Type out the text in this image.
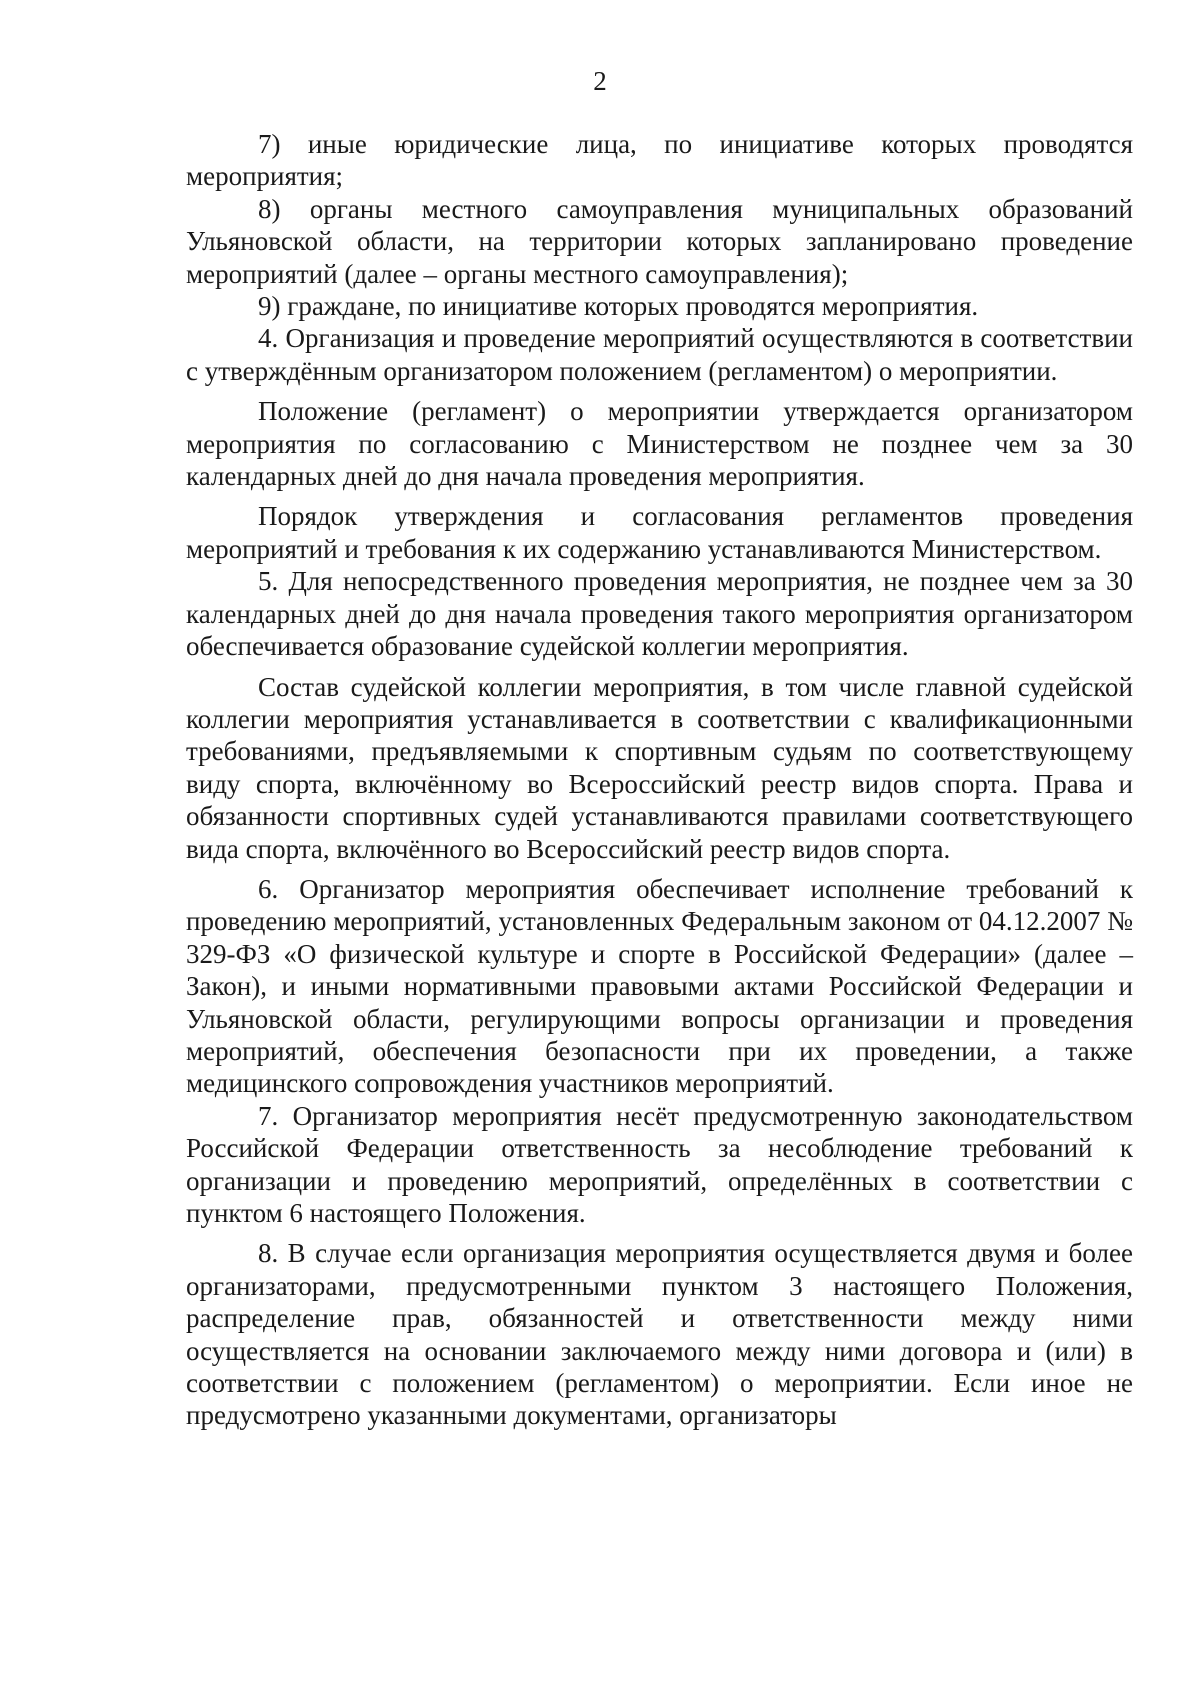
2

7) иные юридические лица, по инициативе которых проводятся мероприятия;

8) органы местного самоуправления муниципальных образований Ульяновской области, на территории которых запланировано проведение мероприятий (далее – органы местного самоуправления);

9) граждане, по инициативе которых проводятся мероприятия.

4. Организация и проведение мероприятий осуществляются в соответствии с утверждённым организатором положением (регламентом) о мероприятии.

Положение (регламент) о мероприятии утверждается организатором мероприятия по согласованию с Министерством не позднее чем за 30 календарных дней до дня начала проведения мероприятия.

Порядок утверждения и согласования регламентов проведения мероприятий и требования к их содержанию устанавливаются Министерством.

5. Для непосредственного проведения мероприятия, не позднее чем за 30 календарных дней до дня начала проведения такого мероприятия организатором обеспечивается образование судейской коллегии мероприятия.

Состав судейской коллегии мероприятия, в том числе главной судейской коллегии мероприятия устанавливается в соответствии с квалификационными требованиями, предъявляемыми к спортивным судьям по соответствующему виду спорта, включённому во Всероссийский реестр видов спорта. Права и обязанности спортивных судей устанавливаются правилами соответствующего вида спорта, включённого во Всероссийский реестр видов спорта.

6. Организатор мероприятия обеспечивает исполнение требований к проведению мероприятий, установленных Федеральным законом от 04.12.2007 № 329-ФЗ «О физической культуре и спорте в Российской Федерации» (далее – Закон), и иными нормативными правовыми актами Российской Федерации и Ульяновской области, регулирующими вопросы организации и проведения мероприятий, обеспечения безопасности при их проведении, а также медицинского сопровождения участников мероприятий.

7. Организатор мероприятия несёт предусмотренную законодательством Российской Федерации ответственность за несоблюдение требований к организации и проведению мероприятий, определённых в соответствии с пунктом 6 настоящего Положения.

8. В случае если организация мероприятия осуществляется двумя и более организаторами, предусмотренными пунктом 3 настоящего Положения, распределение прав, обязанностей и ответственности между ними осуществляется на основании заключаемого между ними договора и (или) в соответствии с положением (регламентом) о мероприятии. Если иное не предусмотрено указанными документами, организаторы
